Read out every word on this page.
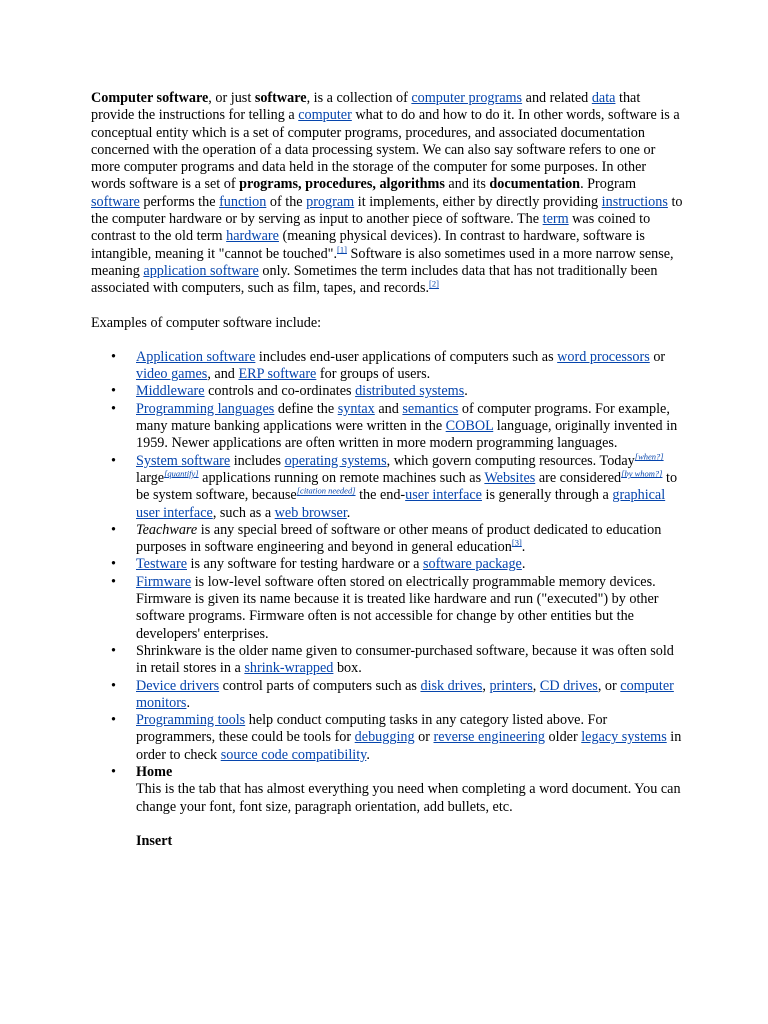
Computer software, or just software, is a collection of computer programs and related data that provide the instructions for telling a computer what to do and how to do it. In other words, software is a conceptual entity which is a set of computer programs, procedures, and associated documentation concerned with the operation of a data processing system. We can also say software refers to one or more computer programs and data held in the storage of the computer for some purposes. In other words software is a set of programs, procedures, algorithms and its documentation. Program software performs the function of the program it implements, either by directly providing instructions to the computer hardware or by serving as input to another piece of software. The term was coined to contrast to the old term hardware (meaning physical devices). In contrast to hardware, software is intangible, meaning it "cannot be touched".[1] Software is also sometimes used in a more narrow sense, meaning application software only. Sometimes the term includes data that has not traditionally been associated with computers, such as film, tapes, and records.[2]

Examples of computer software include:

• Application software includes end-user applications of computers such as word processors or video games, and ERP software for groups of users.
• Middleware controls and co-ordinates distributed systems.
• Programming languages define the syntax and semantics of computer programs. For example, many mature banking applications were written in the COBOL language, originally invented in 1959. Newer applications are often written in more modern programming languages.
• System software includes operating systems, which govern computing resources. Today[when?] large[quantify] applications running on remote machines such as Websites are considered[by whom?] to be system software, because[citation needed] the end-user interface is generally through a graphical user interface, such as a web browser.
• Teachware is any special breed of software or other means of product dedicated to education purposes in software engineering and beyond in general education[3].
• Testware is any software for testing hardware or a software package.
• Firmware is low-level software often stored on electrically programmable memory devices. Firmware is given its name because it is treated like hardware and run ("executed") by other software programs. Firmware often is not accessible for change by other entities but the developers' enterprises.
• Shrinkware is the older name given to consumer-purchased software, because it was often sold in retail stores in a shrink-wrapped box.
• Device drivers control parts of computers such as disk drives, printers, CD drives, or computer monitors.
• Programming tools help conduct computing tasks in any category listed above. For programmers, these could be tools for debugging or reverse engineering older legacy systems in order to check source code compatibility.
• Home
This is the tab that has almost everything you need when completing a word document. You can change your font, font size, paragraph orientation, add bullets, etc.

Insert
